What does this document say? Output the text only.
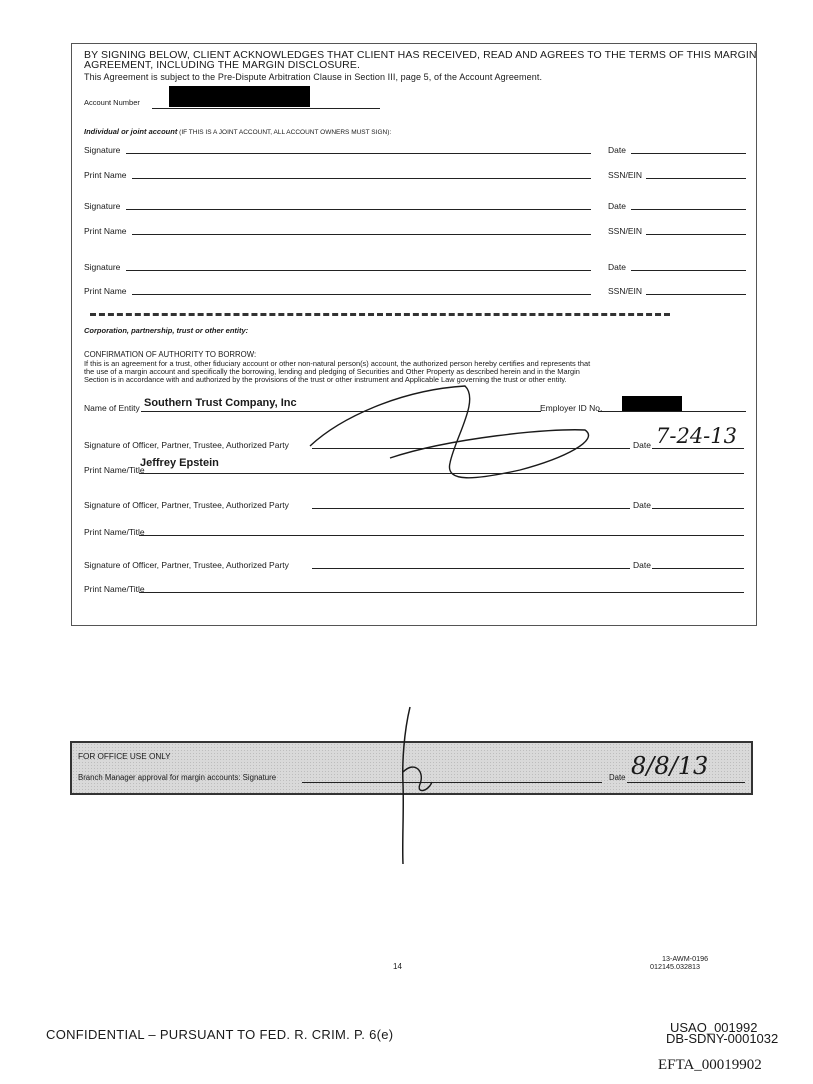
BY SIGNING BELOW, CLIENT ACKNOWLEDGES THAT CLIENT HAS RECEIVED, READ AND AGREES TO THE TERMS OF THIS MARGIN
AGREEMENT, INCLUDING THE MARGIN DISCLOSURE.
This Agreement is subject to the Pre-Dispute Arbitration Clause in Section III, page 5, of the Account Agreement.
Account Number
Individual or joint account (IF THIS IS A JOINT ACCOUNT, ALL ACCOUNT OWNERS MUST SIGN):
Signature	Date
Print Name	SSN/EIN
Signature	Date
Print Name	SSN/EIN
Signature	Date
Print Name	SSN/EIN
Corporation, partnership, trust or other entity:
CONFIRMATION OF AUTHORITY TO BORROW:
If this is an agreement for a trust, other fiduciary account or other non-natural person(s) account, the authorized person hereby certifies and represents that
the use of a margin account and specifically the borrowing, lending and pledging of Securities and Other Property as described herein and in the Margin
Section is in accordance with and authorized by the provisions of the trust or other instrument and Applicable Law governing the trust or other entity.
Name of Entity Southern Trust Company, Inc	Employer ID No.
Signature of Officer, Partner, Trustee, Authorized Party	Date 7-24-13
Print Name/Title
Jeffrey Epstein
Signature of Officer, Partner, Trustee, Authorized Party	Date
Print Name/Title
Signature of Officer, Partner, Trustee, Authorized Party	Date
Print Name/Title
FOR OFFICE USE ONLY
Branch Manager approval for margin accounts: Signature	Date 8/8/13
14
13-AWM-0196
012145.032813
CONFIDENTIAL – PURSUANT TO FED. R. CRIM. P. 6(e)	USAO_001992
DB-SDNY-0001032
EFTA_00019902
